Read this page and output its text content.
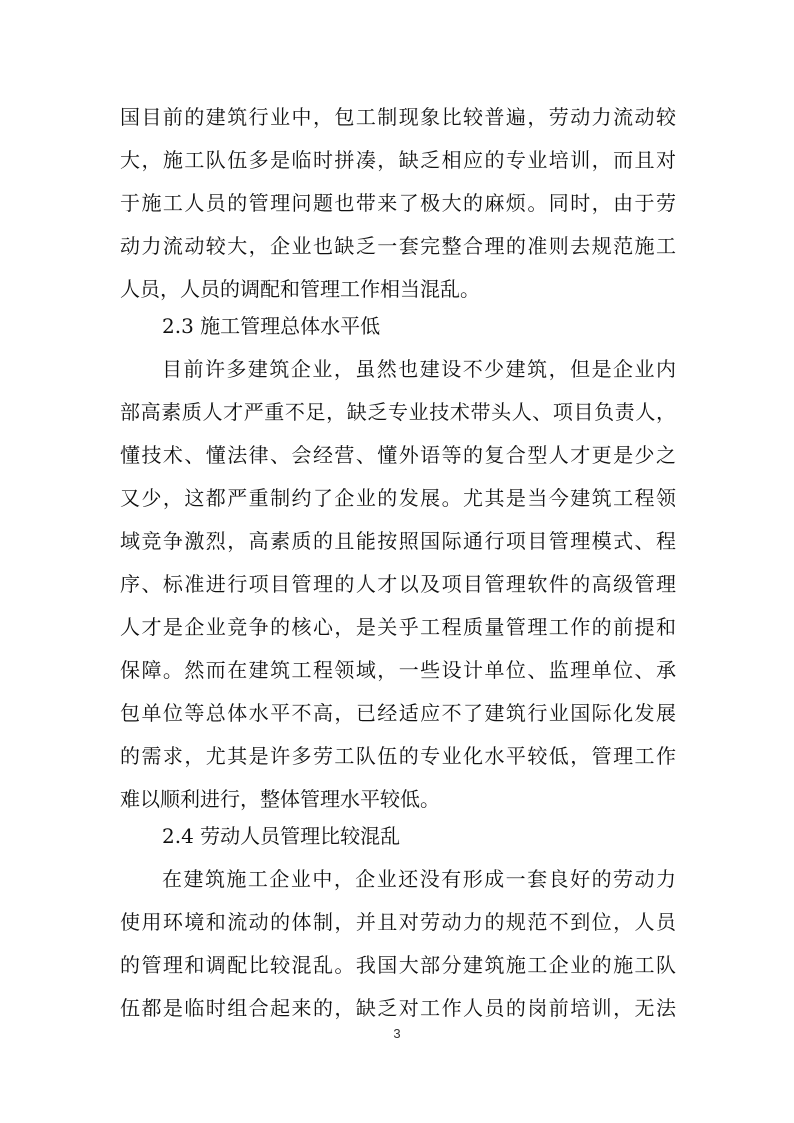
国目前的建筑行业中，包工制现象比较普遍，劳动力流动较
大，施工队伍多是临时拼凑，缺乏相应的专业培训，而且对
于施工人员的管理问题也带来了极大的麻烦。同时，由于劳
动力流动较大，企业也缺乏一套完整合理的准则去规范施工
人员，人员的调配和管理工作相当混乱。
2.3 施工管理总体水平低
目前许多建筑企业，虽然也建设不少建筑，但是企业内
部高素质人才严重不足，缺乏专业技术带头人、项目负责人，
懂技术、懂法律、会经营、懂外语等的复合型人才更是少之
又少，这都严重制约了企业的发展。尤其是当今建筑工程领
域竞争激烈，高素质的且能按照国际通行项目管理模式、程
序、标准进行项目管理的人才以及项目管理软件的高级管理
人才是企业竞争的核心，是关乎工程质量管理工作的前提和
保障。然而在建筑工程领域，一些设计单位、监理单位、承
包单位等总体水平不高，已经适应不了建筑行业国际化发展
的需求，尤其是许多劳工队伍的专业化水平较低，管理工作
难以顺利进行，整体管理水平较低。
2.4 劳动人员管理比较混乱
在建筑施工企业中，企业还没有形成一套良好的劳动力
使用环境和流动的体制，并且对劳动力的规范不到位，人员
的管理和调配比较混乱。我国大部分建筑施工企业的施工队
伍都是临时组合起来的，缺乏对工作人员的岗前培训，无法
3
